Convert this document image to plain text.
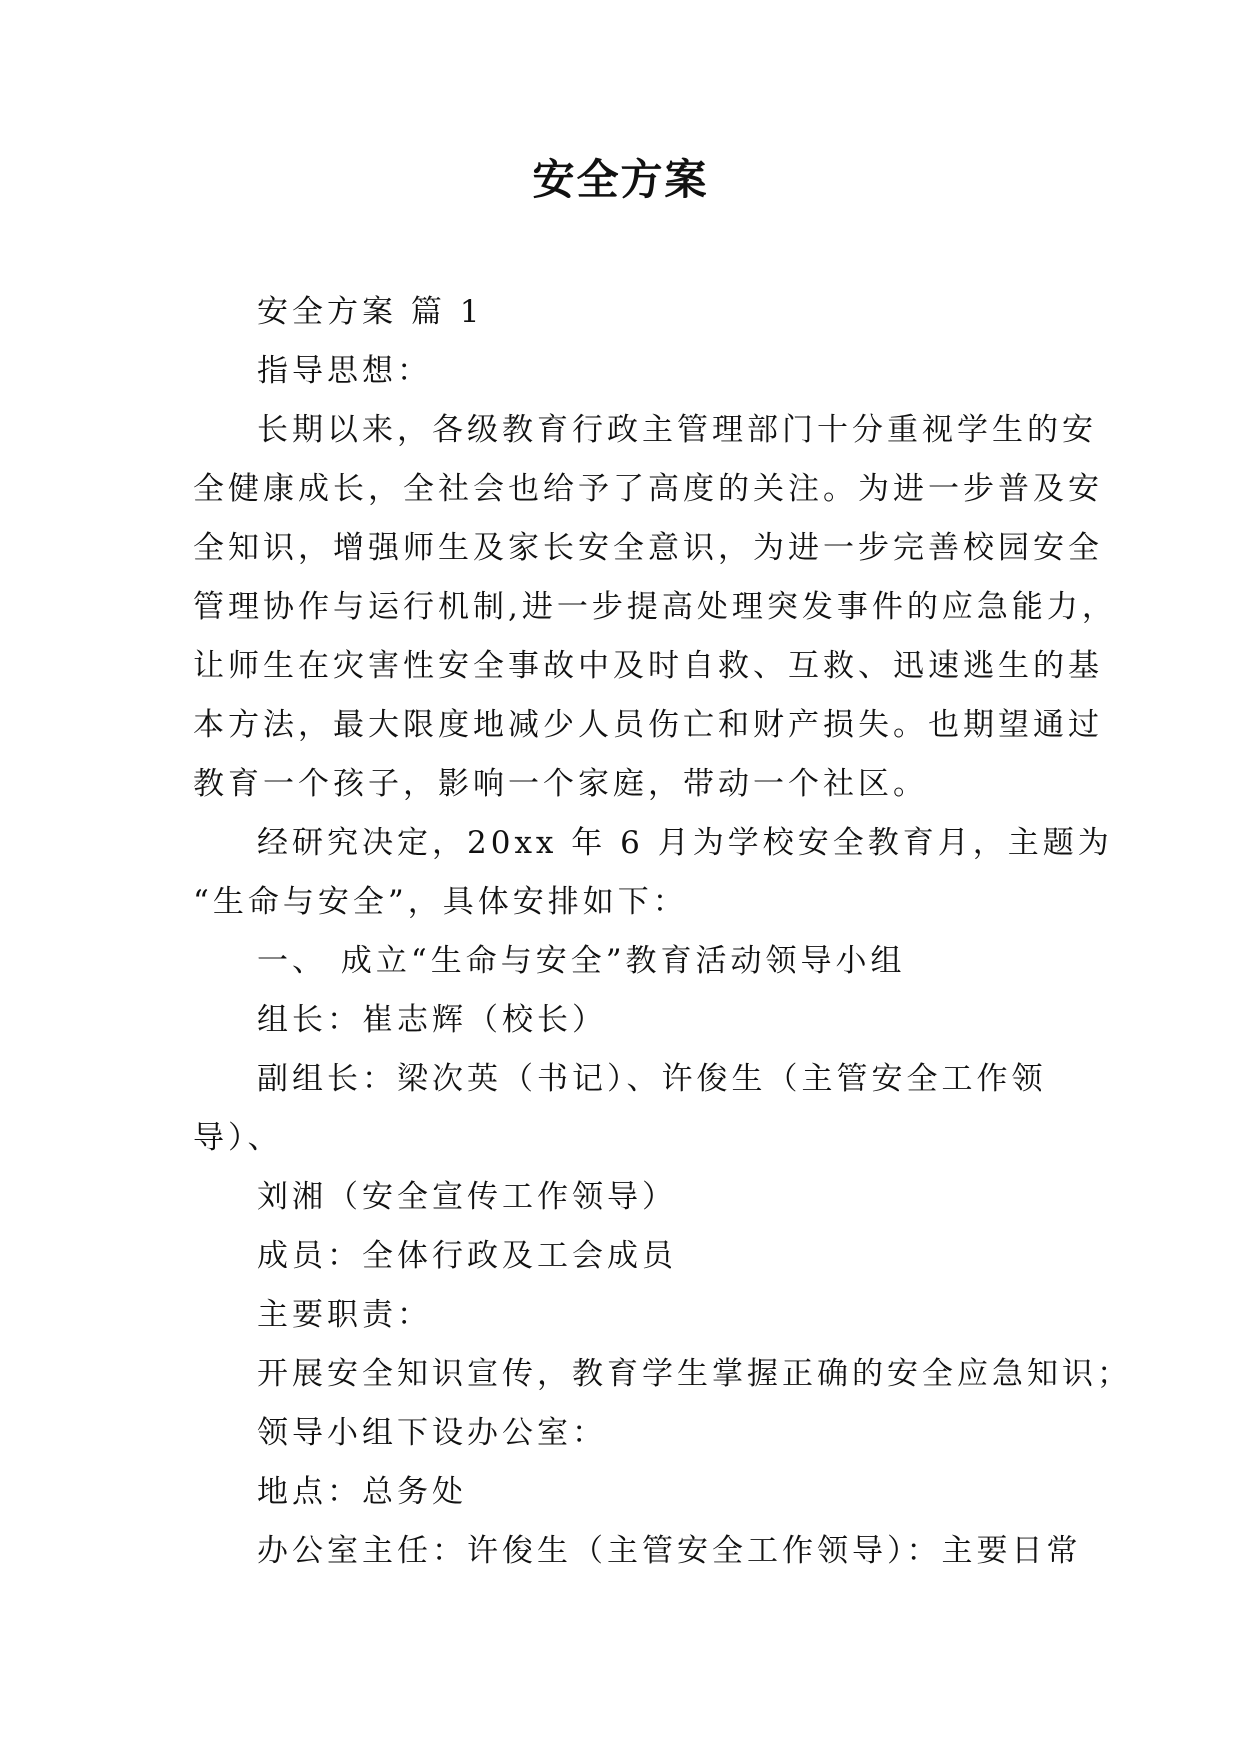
安全方案

安全方案 篇 1

指导思想：

长期以来，各级教育行政主管理部门十分重视学生的安

全健康成长，全社会也给予了高度的关注。为进一步普及安

全知识，增强师生及家长安全意识，为进一步完善校园安全

管理协作与运行机制,进一步提高处理突发事件的应急能力，

让师生在灾害性安全事故中及时自救、互救、迅速逃生的基

本方法，最大限度地减少人员伤亡和财产损失。也期望通过

教育一个孩子，影响一个家庭，带动一个社区。

经研究决定，20xx 年 6 月为学校安全教育月，主题为

“生命与安全”，具体安排如下：

一、 成立“生命与安全”教育活动领导小组

组长：崔志辉（校长）

副组长：梁次英（书记）、许俊生（主管安全工作领

导）、

刘湘（安全宣传工作领导）

成员：全体行政及工会成员

主要职责：

开展安全知识宣传，教育学生掌握正确的安全应急知识；

领导小组下设办公室：

地点：总务处

办公室主任：许俊生（主管安全工作领导）：主要日常
